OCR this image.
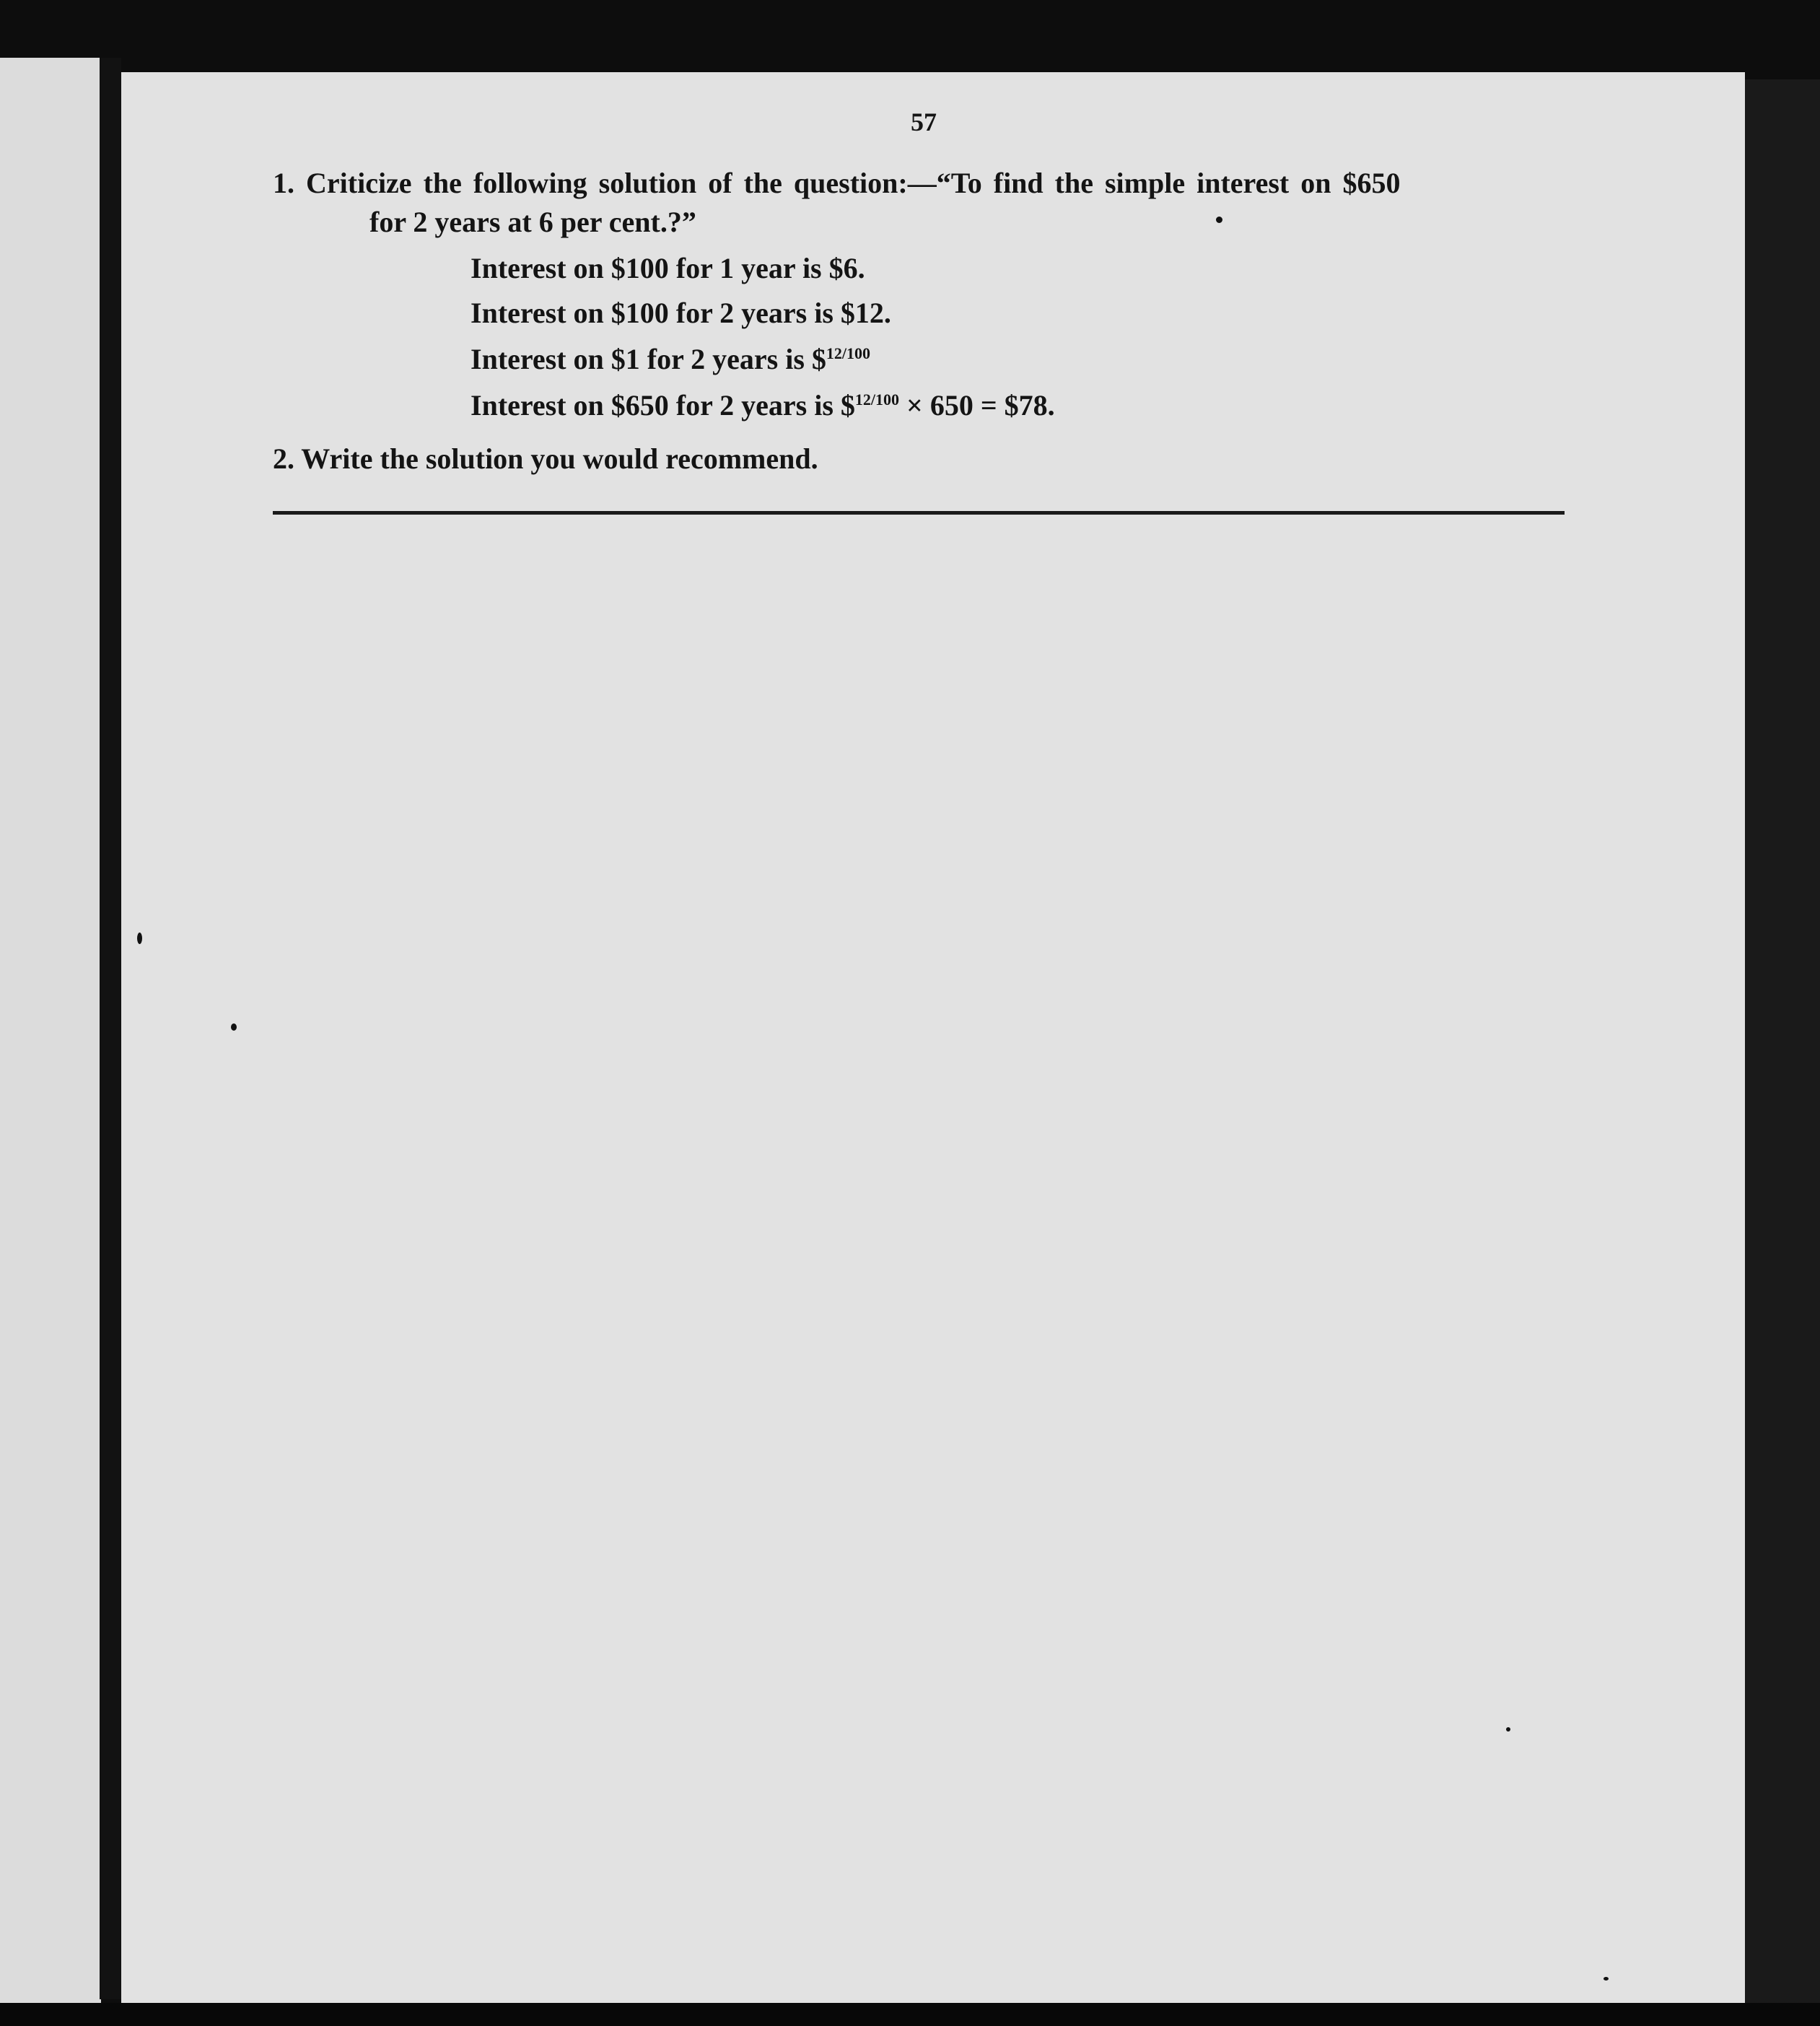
57
1. Criticize the following solution of the question:—“To find the simple interest on $650
for 2 years at 6 per cent.?”
Interest on $100 for 1 year is $6.
Interest on $100 for 2 years is $12.
Interest on $1 for 2 years is \$$^{12/100}$
Interest on $650 for 2 years is \$$^{12/100}$ × 650 = $78.
2. Write the solution you would recommend.
